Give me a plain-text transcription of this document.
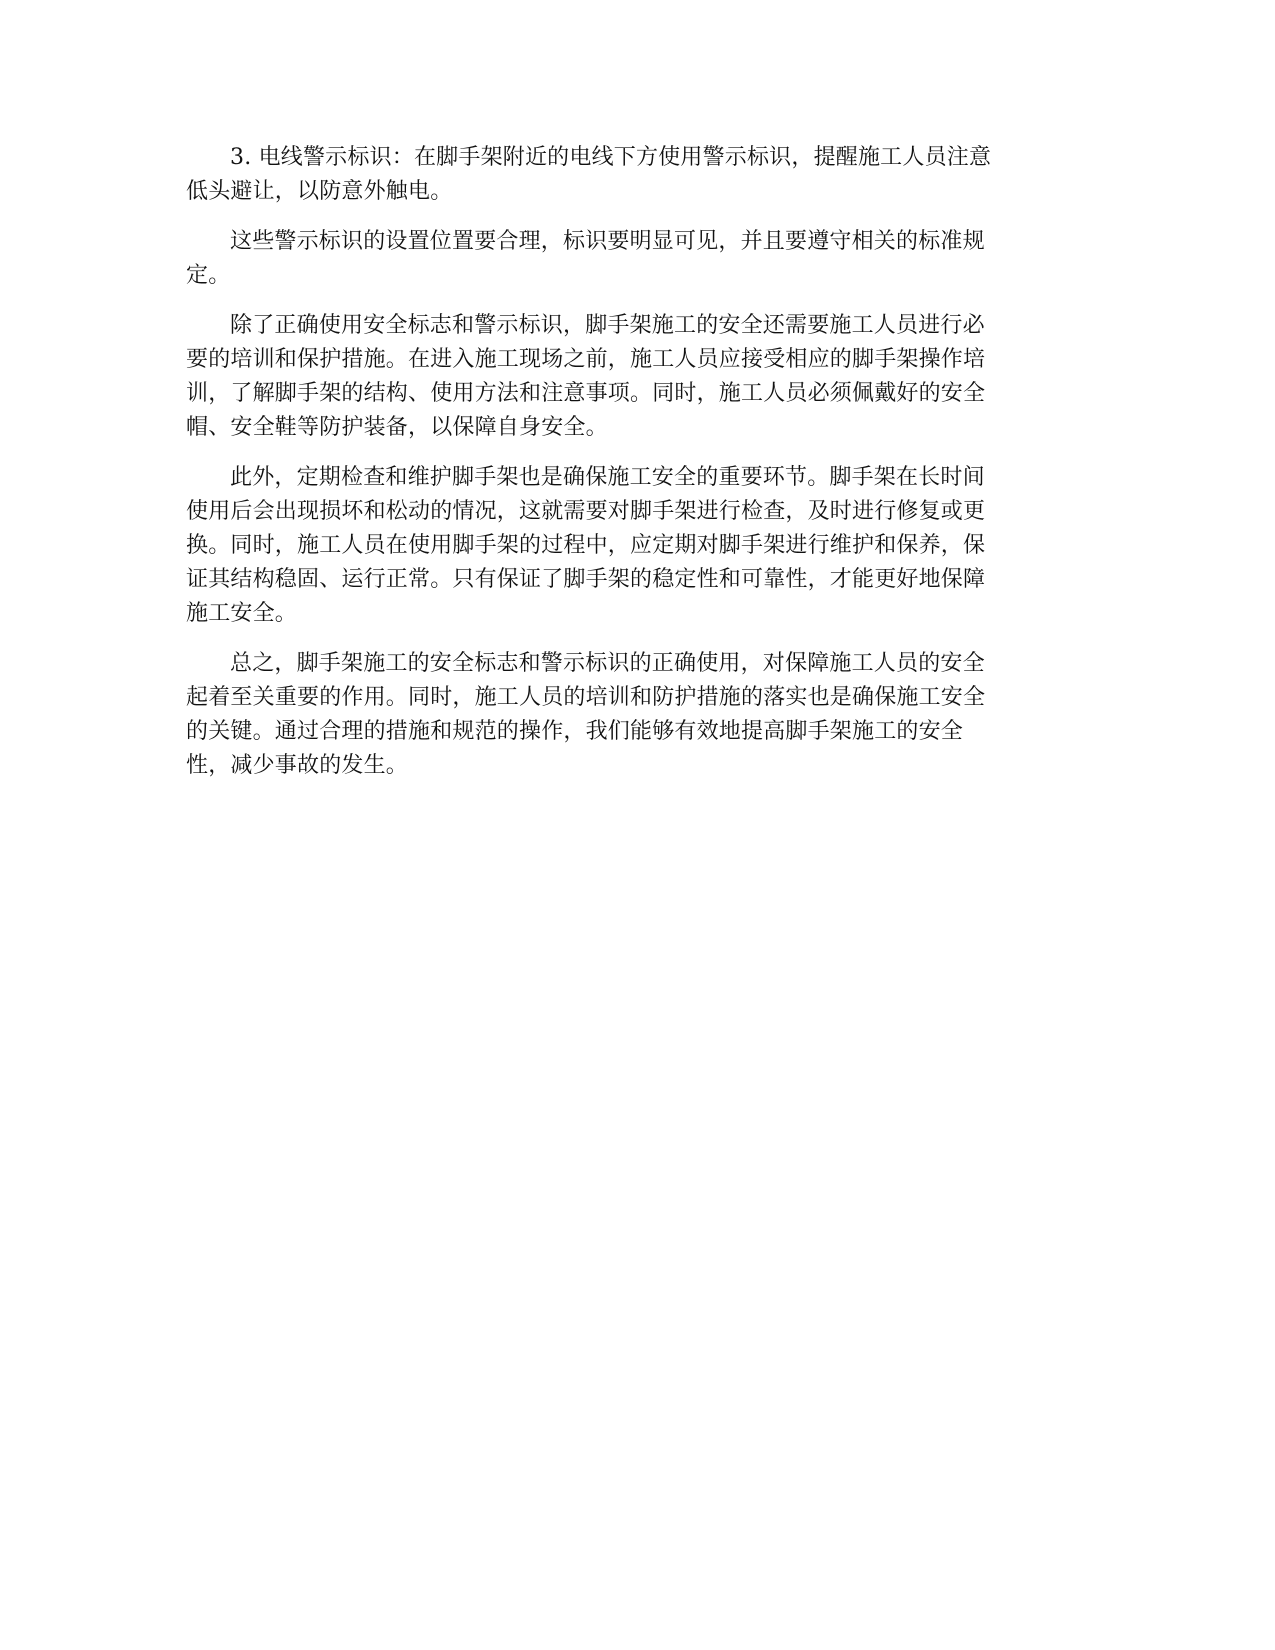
3. 电线警示标识：在脚手架附近的电线下方使用警示标识，提醒施工人员注意
低头避让，以防意外触电。

这些警示标识的设置位置要合理，标识要明显可见，并且要遵守相关的标准规
定。

除了正确使用安全标志和警示标识，脚手架施工的安全还需要施工人员进行必
要的培训和保护措施。在进入施工现场之前，施工人员应接受相应的脚手架操作培
训，了解脚手架的结构、使用方法和注意事项。同时，施工人员必须佩戴好的安全
帽、安全鞋等防护装备，以保障自身安全。

此外，定期检查和维护脚手架也是确保施工安全的重要环节。脚手架在长时间
使用后会出现损坏和松动的情况，这就需要对脚手架进行检查，及时进行修复或更
换。同时，施工人员在使用脚手架的过程中，应定期对脚手架进行维护和保养，保
证其结构稳固、运行正常。只有保证了脚手架的稳定性和可靠性，才能更好地保障
施工安全。

总之，脚手架施工的安全标志和警示标识的正确使用，对保障施工人员的安全
起着至关重要的作用。同时，施工人员的培训和防护措施的落实也是确保施工安全
的关键。通过合理的措施和规范的操作，我们能够有效地提高脚手架施工的安全
性，减少事故的发生。
